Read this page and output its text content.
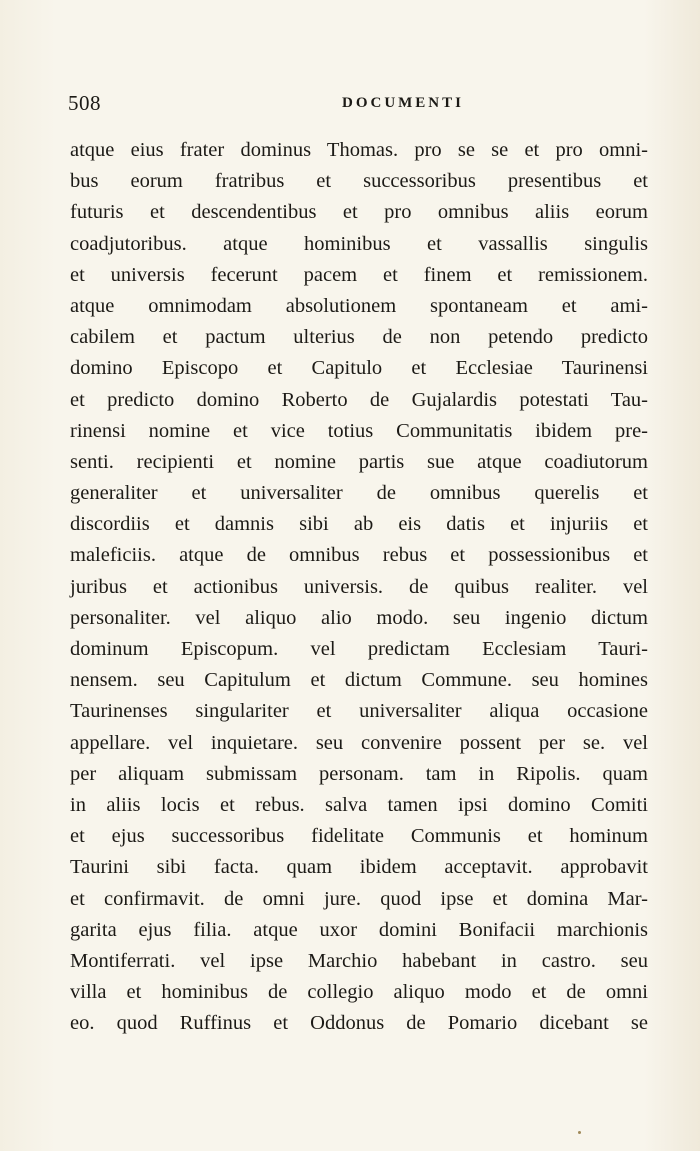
508	DOCUMENTI
atque eius frater dominus Thomas. pro se se et pro omni-
bus eorum fratribus et successoribus presentibus et
futuris et descendentibus et pro omnibus aliis eorum
coadjutoribus. atque hominibus et vassallis singulis
et universis fecerunt pacem et finem et remissionem.
atque omnimodam absolutionem spontaneam et ami-
cabilem et pactum ulterius de non petendo predicto
domino Episcopo et Capitulo et Ecclesiae Taurinensi
et predicto domino Roberto de Gujalardis potestati Tau-
rinensi nomine et vice totius Communitatis ibidem pre-
senti. recipienti et nomine partis sue atque coadiutorum
generaliter et universaliter de omnibus querelis et
discordiis et damnis sibi ab eis datis et injuriis et
maleficiis. atque de omnibus rebus et possessionibus et
juribus et actionibus universis. de quibus realiter. vel
personaliter. vel aliquo alio modo. seu ingenio dictum
dominum Episcopum. vel predictam Ecclesiam Tauri-
nensem. seu Capitulum et dictum Commune. seu homines
Taurinenses singulariter et universaliter aliqua occasione
appellare. vel inquietare. seu convenire possent per se. vel
per aliquam submissam personam. tam in Ripolis. quam
in aliis locis et rebus. salva tamen ipsi domino Comiti
et ejus successoribus fidelitate Communis et hominum
Taurini sibi facta. quam ibidem acceptavit. approbavit
et confirmavit. de omni jure. quod ipse et domina Mar-
garita ejus filia. atque uxor domini Bonifacii marchionis
Montiferrati. vel ipse Marchio habebant in castro. seu
villa et hominibus de collegio aliquo modo et de omni
eo. quod Ruffinus et Oddonus de Pomario dicebant se
